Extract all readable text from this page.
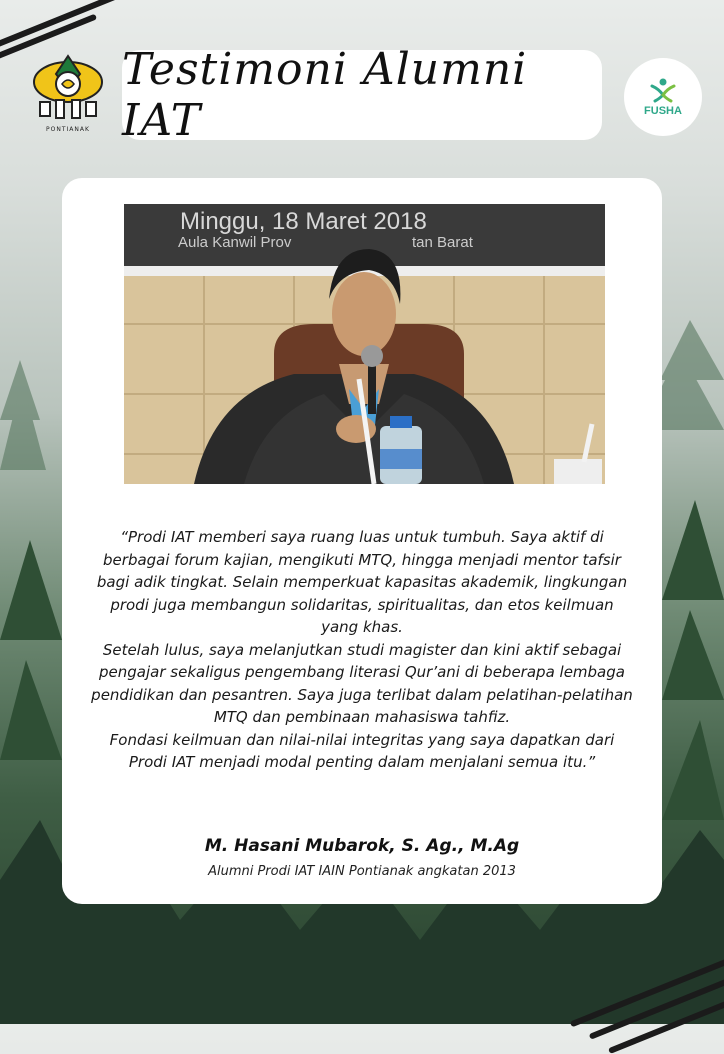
PONTIANAK
Testimoni Alumni IAT	FUSHA
Minggu, 18 Maret 2018
Aula Kanwil Prov	tan Barat

“Prodi IAT memberi saya ruang luas untuk tumbuh. Saya aktif di berbagai forum kajian, mengikuti MTQ, hingga menjadi mentor tafsir bagi adik tingkat. Selain memperkuat kapasitas akademik, lingkungan prodi juga membangun solidaritas, spiritualitas, dan etos keilmuan yang khas.

Setelah lulus, saya melanjutkan studi magister dan kini aktif sebagai pengajar sekaligus pengembang literasi Qur’ani di beberapa lembaga pendidikan dan pesantren. Saya juga terlibat dalam pelatihan-pelatihan MTQ dan pembinaan mahasiswa tahfiz.

Fondasi keilmuan dan nilai-nilai integritas yang saya dapatkan dari Prodi IAT menjadi modal penting dalam menjalani semua itu.”

M. Hasani Mubarok, S. Ag., M.Ag
Alumni Prodi IAT IAIN Pontianak angkatan 2013
